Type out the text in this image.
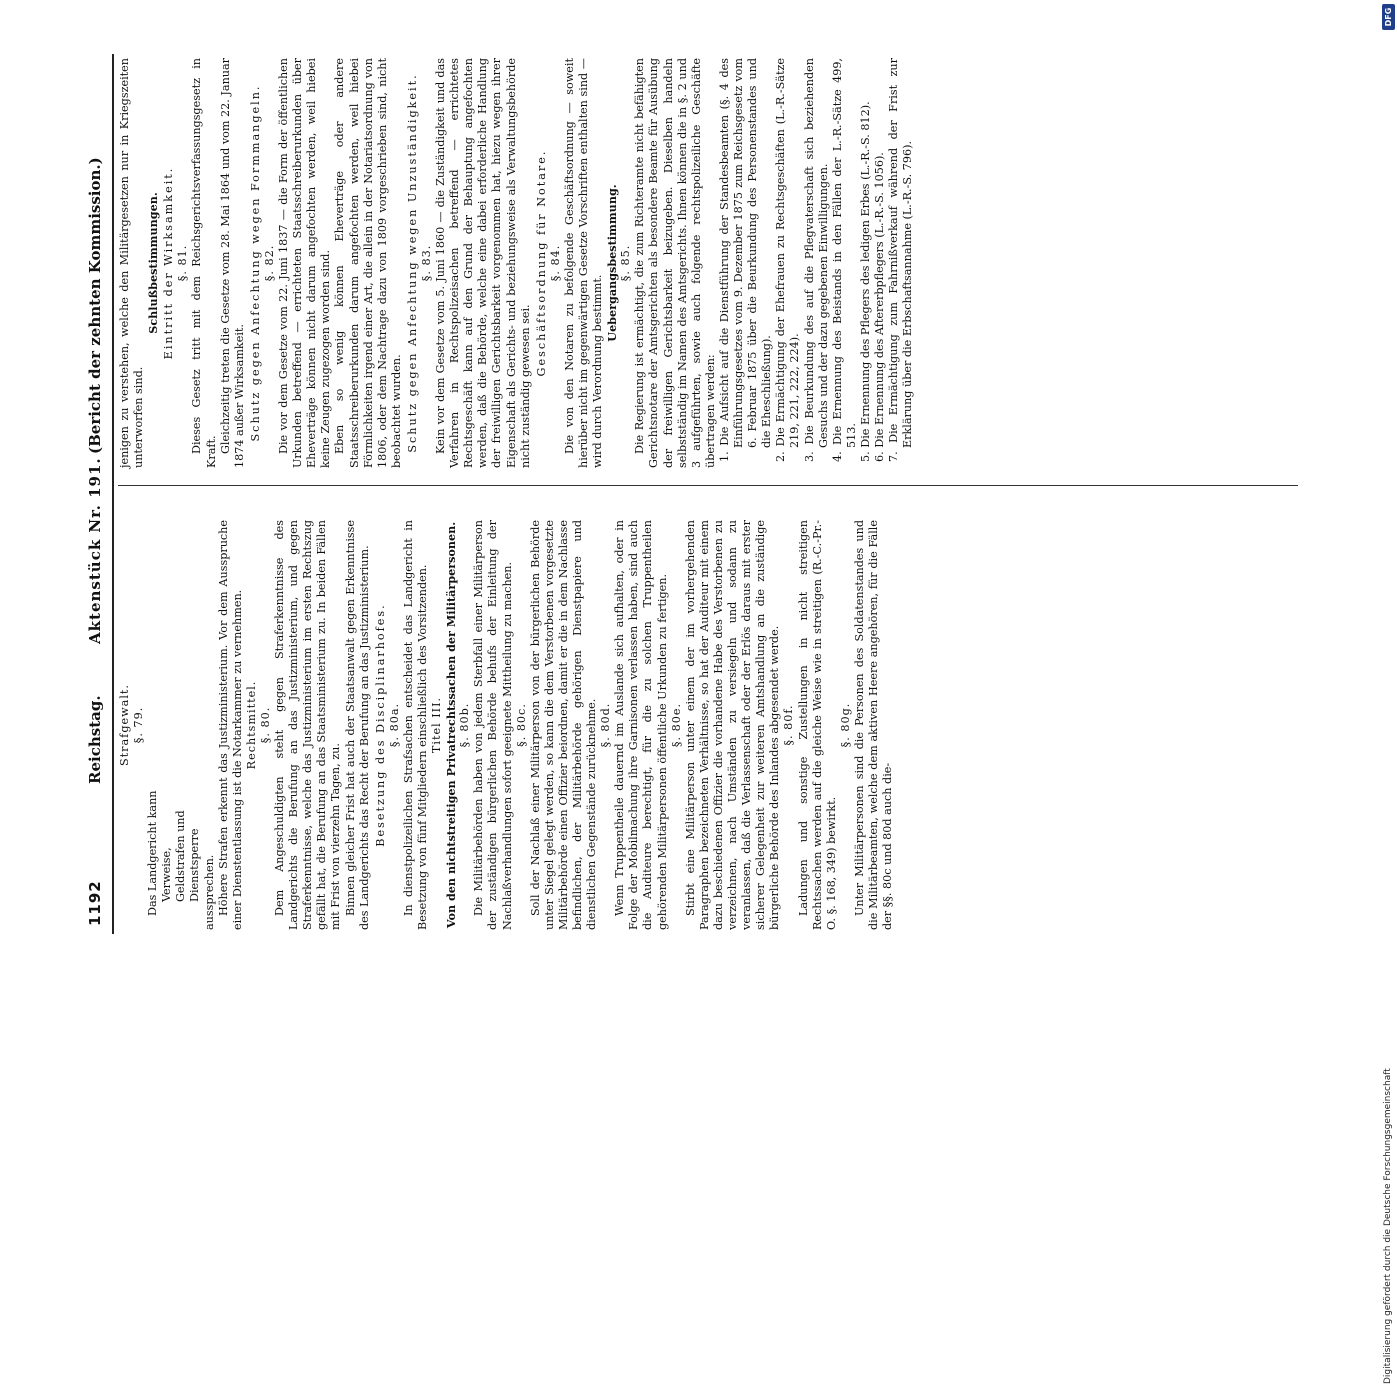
1192
Reichstag.
Aktenstück Nr. 191.
(Bericht der zehnten Kommission.)

Strafgewalt. §. 79.

Das Landgericht kann Verweise, Geldstrafen und Dienstsperre aussprechen. Höhere Strafen erkennt das Justizministerium. Vor dem Ausspruche einer Dienstentlassung ist die Notarkammer zu vernehmen. Rechtsmittel. §. 80. Dem Angeschuldigten steht gegen Straferkenntnisse des Landgerichts die Berufung an das Justizministerium, und gegen Straferkenntnisse, welche das Justizministerium im ersten Rechtszug gefällt hat, die Berufung an das Staatsministerium zu. In beiden Fällen mit Frist von vierzehn Tagen, zu. Binnen gleicher Frist hat auch der Staatsanwalt gegen Erkenntnisse des Landgerichts das Recht der Berufung an das Justizministerium. Besetzung des Disciplinarhofes. §. 80a. In dienstpolizeilichen Strafsachen entscheidet das Landgericht in Besetzung von fünf Mitgliedern einschließlich des Vorsitzenden. Titel III. Von den nichtstreitigen Privatrechtssachen der Militärpersonen. §. 80b. Die Militärbehörden haben von jedem Sterbfall einer Militärperson der zuständigen bürgerlichen Behörde behufs der Einleitung der Nachlaßverhandlungen sofort geeignete Mittheilung zu machen. §. 80c. Soll der Nachlaß einer Militärperson von der bürgerlichen Behörde unter Siegel gelegt werden, so kann die dem Verstorbenen vorgesetzte Militärbehörde einen Offizier beiordnen, damit er die in dem Nachlasse befindlichen, der Militärbehörde gehörigen Dienstpapiere und dienstlichen Gegenstände zurücknehme. §. 80d. Wenn Truppentheile dauernd im Auslande sich aufhalten, oder in Folge der Mobilmachung ihre Garnisonen verlassen haben, sind auch die Auditeure berechtigt, für die zu solchen Truppentheilen gehörenden Militärpersonen öffentliche Urkunden zu fertigen. §. 80e. Stirbt eine Militärperson unter einem der im vorhergehenden Paragraphen bezeichneten Verhältnisse, so hat der Auditeur mit einem dazu beschiedenen Offizier die vorhandene Habe des Verstorbenen zu verzeichnen, nach Umständen zu versiegeln und sodann zu veranlassen, daß die Verlassenschaft oder der Erlös daraus mit erster sicherer Gelegenheit zur weiteren Amtshandlung an die zuständige bürgerliche Behörde des Inlandes abgesendet werde. §. 80f. Ladungen und sonstige Zustellungen in nicht streitigen Rechtssachen werden auf die gleiche Weise wie in streitigen (R.-C.-Pr.-O. §. 168, 349) bewirkt.

§. 80g. Unter Militärpersonen sind die Personen des Soldatenstandes und die Militärbeamten, welche dem aktiven Heere angehören, für die Fälle der §§. 80c und 80d auch die-

jenigen zu verstehen, welche den Militärgesetzen nur in Kriegszeiten unterworfen sind.

Schlußbestimmungen. Eintritt der Wirksamkeit. §. 81. Dieses Gesetz tritt mit dem Reichsgerichtsverfassungsgesetz in Kraft. Gleichzeitig treten die Gesetze vom 28. Mai 1864 und vom 22. Januar 1874 außer Wirksamkeit. Schutz gegen Anfechtung wegen Formmangeln. §. 82. Die vor dem Gesetze vom 22. Juni 1837 — die Form der öffentlichen Urkunden betreffend — errichteten Staatsschreiberurkunden über Eheverträge können nicht darum angefochten werden, weil hiebei keine Zeugen zugezogen worden sind. Eben so wenig können Eheverträge oder andere Staatsschreiberurkunden darum angefochten werden, weil hiebei Förmlichkeiten irgend einer Art, die allein in der Notariatsordnung von 1806, oder dem Nachtrage dazu von 1809 vorgeschrieben sind, nicht beobachtet wurden. Schutz gegen Anfechtung wegen Unzuständigkeit. §. 83. Kein vor dem Gesetze vom 5. Juni 1860 — die Zuständigkeit und das Verfahren in Rechtspolizeisachen betreffend — errichtetes Rechtsgeschäft kann auf den Grund der Behauptung angefochten werden, daß die Behörde, welche eine dabei erforderliche Handlung der freiwilligen Gerichtsbarkeit vorgenommen hat, hiezu wegen ihrer Eigenschaft als Gerichts- und beziehungsweise als Verwaltungsbehörde nicht zuständig gewesen sei.

Geschäftsordnung für Notare. §. 84. Die von den Notaren zu befolgende Geschäftsordnung — soweit hierüber nicht im gegenwärtigen Gesetze Vorschriften enthalten sind — wird durch Verordnung bestimmt.

Uebergangsbestimmung. §. 85. Die Regierung ist ermächtigt, die zum Richteramte nicht befähigten Gerichtsnotare der Amtsgerichten als besondere Beamte für Ausübung der freiwilligen Gerichtsbarkeit beizugeben. Dieselben handeln selbstständig im Namen des Amtsgerichts. Ihnen können die in §. 2 und 3 aufgeführten, sowie auch folgende rechtspolizeiliche Geschäfte übertragen werden: 1. Die Aufsicht auf die Dienstführung der Standesbeamten (§. 4 des Einführungsgesetzes vom 9. Dezember 1875 zum Reichsgesetz vom 6. Februar 1875 über die Beurkundung des Personenstandes und die Eheschließung). 2. Die Ermächtigung der Ehefrauen zu Rechtsgeschäften (L.-R.-Sätze 219, 221, 222, 224). 3. Die Beurkundung des auf die Pflegvaterschaft sich beziehenden Gesuchs und der dazu gegebenen Einwilligungen. 4. Die Ernennung des Beistands in den Fällen der L.-R.-Sätze 499, 513. 5. Die Ernennung des Pflegers des ledigen Erbes (L.-R.-S. 812). 6. Die Ernennung des Aftererbpflegers (L.-R.-S. 1056). 7. Die Ermächtigung zum Fahrnißverkauf während der Frist zur Erklärung über die Erbschaftsannahme (L.-R.-S. 796).

Digitalisierung gefördert durch die Deutsche Forschungsgemeinschaft
DFG
